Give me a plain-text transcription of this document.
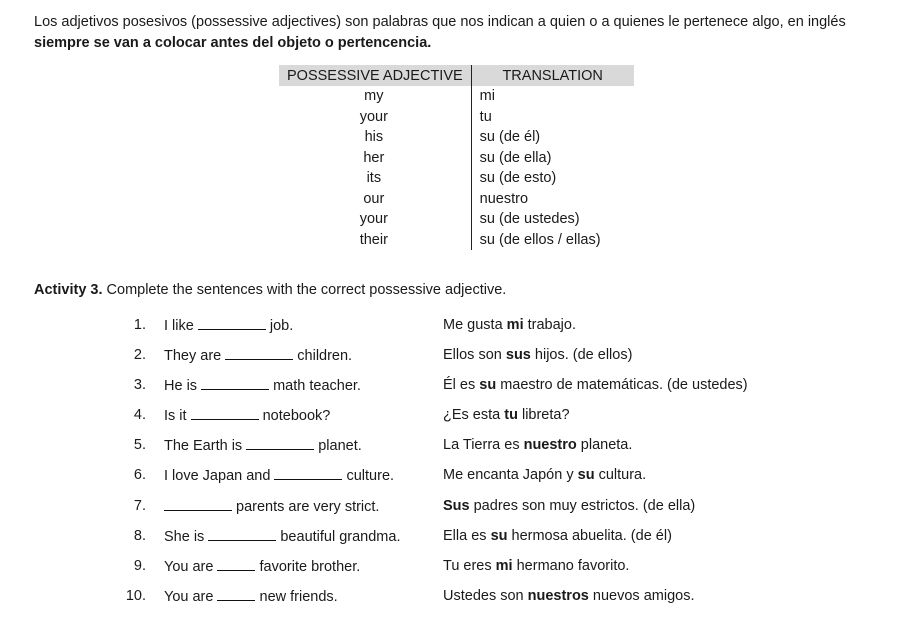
Los adjetivos posesivos (possessive adjectives) son palabras que nos indican a quien o a quienes le pertenece algo, en inglés
siempre se van a colocar antes del objeto o pertencencia.
POSSESSIVE ADJECTIVE	TRANSLATION
my	mi
your	tu
his	su (de él)
her	su (de ella)
its	su (de esto)
our	nuestro
your	su (de ustedes)
their	su (de ellos / ellas)
Activity 3. Complete the sentences with the correct possessive adjective.
1. I like	job.	Me gusta mi trabajo.
2. They are	children.	Ellos son sus hijos. (de ellos)
3. He is	math teacher.	Él es su maestro de matemáticas. (de ustedes)
4. Is it	notebook?	¿Es esta tu libreta?
5. The Earth is	planet.	La Tierra es nuestro planeta.
6. I love Japan and	culture.	Me encanta Japón y su cultura.
7.	parents are very strict.	Sus padres son muy estrictos. (de ella)
8. She is	beautiful grandma.	Ella es su hermosa abuelita. (de él)
9. You are	favorite brother.	Tu eres mi hermano favorito.
10. You are	new friends.	Ustedes son nuestros nuevos amigos.
